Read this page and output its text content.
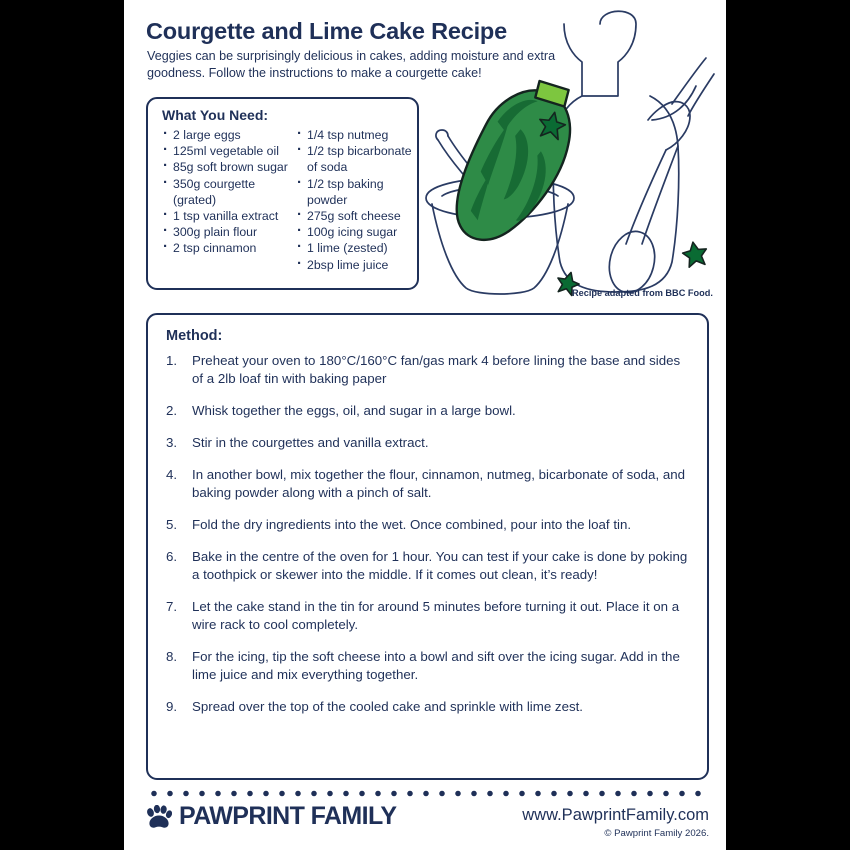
Courgette and Lime Cake Recipe
Veggies can be surprisingly delicious in cakes, adding moisture and extra goodness. Follow the instructions to make a courgette cake!
What You Need:
· 2 large eggs
· 125ml vegetable oil
· 85g soft brown sugar
· 350g courgette (grated)
· 1 tsp vanilla extract
· 300g plain flour
· 2 tsp cinnamon
· 1/4 tsp nutmeg
· 1/2 tsp bicarbonate of soda
· 1/2 tsp baking powder
· 275g soft cheese
· 100g icing sugar
· 1 lime (zested)
· 2bsp lime juice
Recipe adapted from BBC Food.
Method:
1. Preheat your oven to 180°C/160°C fan/gas mark 4 before lining the base and sides of a 2lb loaf tin with baking paper
2. Whisk together the eggs, oil, and sugar in a large bowl.
3. Stir in the courgettes and vanilla extract.
4. In another bowl, mix together the flour, cinnamon, nutmeg, bicarbonate of soda, and baking powder along with a pinch of salt.
5. Fold the dry ingredients into the wet. Once combined, pour into the loaf tin.
6. Bake in the centre of the oven for 1 hour. You can test if your cake is done by poking a toothpick or skewer into the middle. If it comes out clean, it’s ready!
7. Let the cake stand in the tin for around 5 minutes before turning it out. Place it on a wire rack to cool completely.
8. For the icing, tip the soft cheese into a bowl and sift over the icing sugar. Add in the lime juice and mix everything together.
9. Spread over the top of the cooled cake and sprinkle with lime zest.
PAWPRINT FAMILY	www.PawprintFamily.com
© Pawprint Family 2026.
